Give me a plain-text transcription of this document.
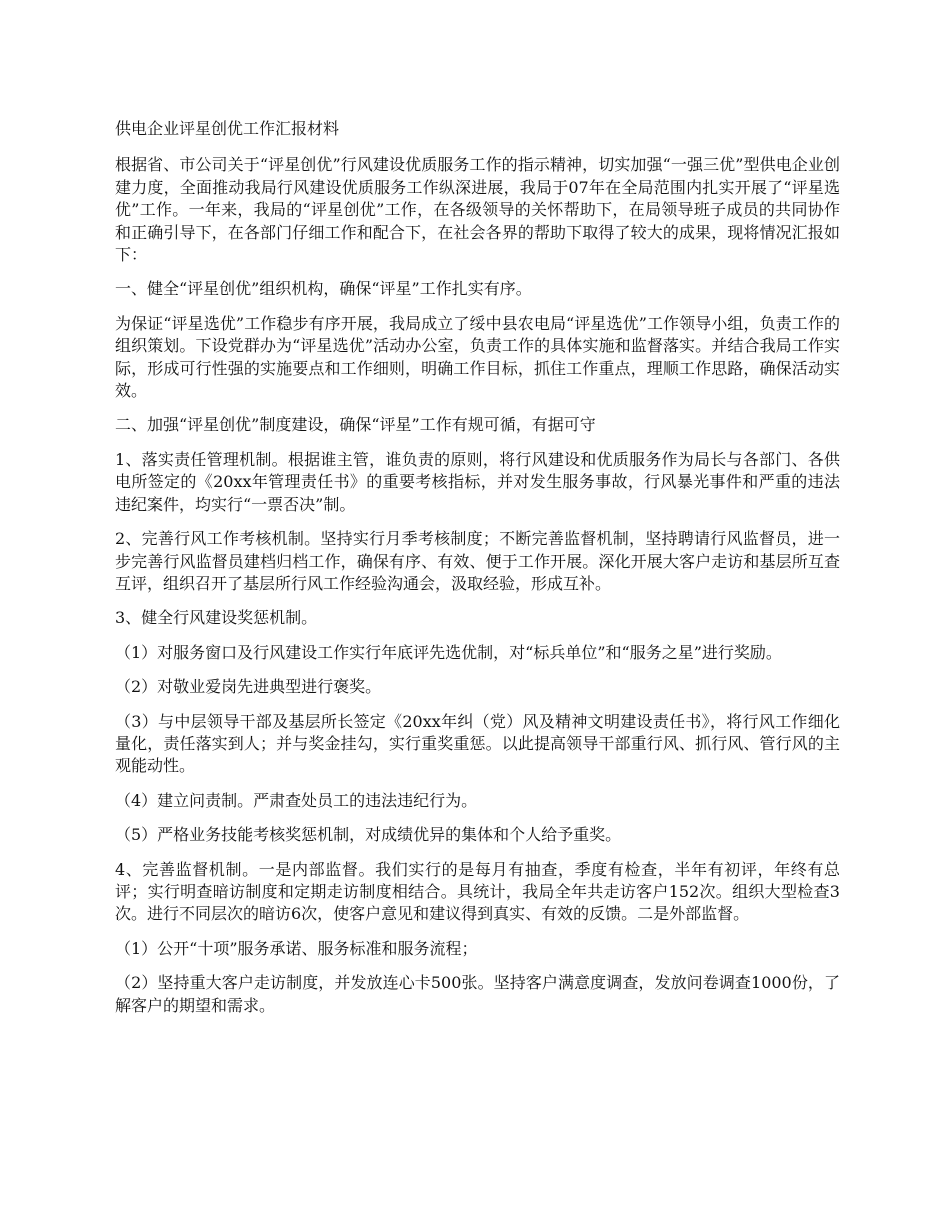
供电企业评星创优工作汇报材料

根据省、市公司关于“评星创优”行风建设优质服务工作的指示精神，切实加强“一强三优”型供电企业创建力度，全面推动我局行风建设优质服务工作纵深进展，我局于07年在全局范围内扎实开展了“评星选优”工作。一年来，我局的“评星创优”工作，在各级领导的关怀帮助下，在局领导班子成员的共同协作和正确引导下，在各部门仔细工作和配合下，在社会各界的帮助下取得了较大的成果，现将情况汇报如下：

一、健全“评星创优”组织机构，确保“评星”工作扎实有序。

为保证“评星选优”工作稳步有序开展，我局成立了绥中县农电局“评星选优”工作领导小组，负责工作的组织策划。下设党群办为“评星选优”活动办公室，负责工作的具体实施和监督落实。并结合我局工作实际，形成可行性强的实施要点和工作细则，明确工作目标，抓住工作重点，理顺工作思路，确保活动实效。

二、加强“评星创优”制度建设，确保“评星”工作有规可循，有据可守

1、落实责任管理机制。根据谁主管，谁负责的原则，将行风建设和优质服务作为局长与各部门、各供电所签定的《20xx年管理责任书》的重要考核指标，并对发生服务事故，行风暴光事件和严重的违法违纪案件，均实行“一票否决”制。

2、完善行风工作考核机制。坚持实行月季考核制度；不断完善监督机制，坚持聘请行风监督员，进一步完善行风监督员建档归档工作，确保有序、有效、便于工作开展。深化开展大客户走访和基层所互查互评，组织召开了基层所行风工作经验沟通会，汲取经验，形成互补。

3、健全行风建设奖惩机制。

（1）对服务窗口及行风建设工作实行年底评先选优制，对“标兵单位”和“服务之星”进行奖励。

（2）对敬业爱岗先进典型进行褒奖。

（3）与中层领导干部及基层所长签定《20xx年纠（党）风及精神文明建设责任书》，将行风工作细化量化，责任落实到人；并与奖金挂勾，实行重奖重惩。以此提高领导干部重行风、抓行风、管行风的主观能动性。

（4）建立问责制。严肃查处员工的违法违纪行为。

（5）严格业务技能考核奖惩机制，对成绩优异的集体和个人给予重奖。

4、完善监督机制。一是内部监督。我们实行的是每月有抽查，季度有检查，半年有初评，年终有总评；实行明查暗访制度和定期走访制度相结合。具统计，我局全年共走访客户152次。组织大型检查3次。进行不同层次的暗访6次，使客户意见和建议得到真实、有效的反馈。二是外部监督。

（1）公开“十项”服务承诺、服务标准和服务流程；

（2）坚持重大客户走访制度，并发放连心卡500张。坚持客户满意度调查，发放问卷调查1000份，了解客户的期望和需求。
